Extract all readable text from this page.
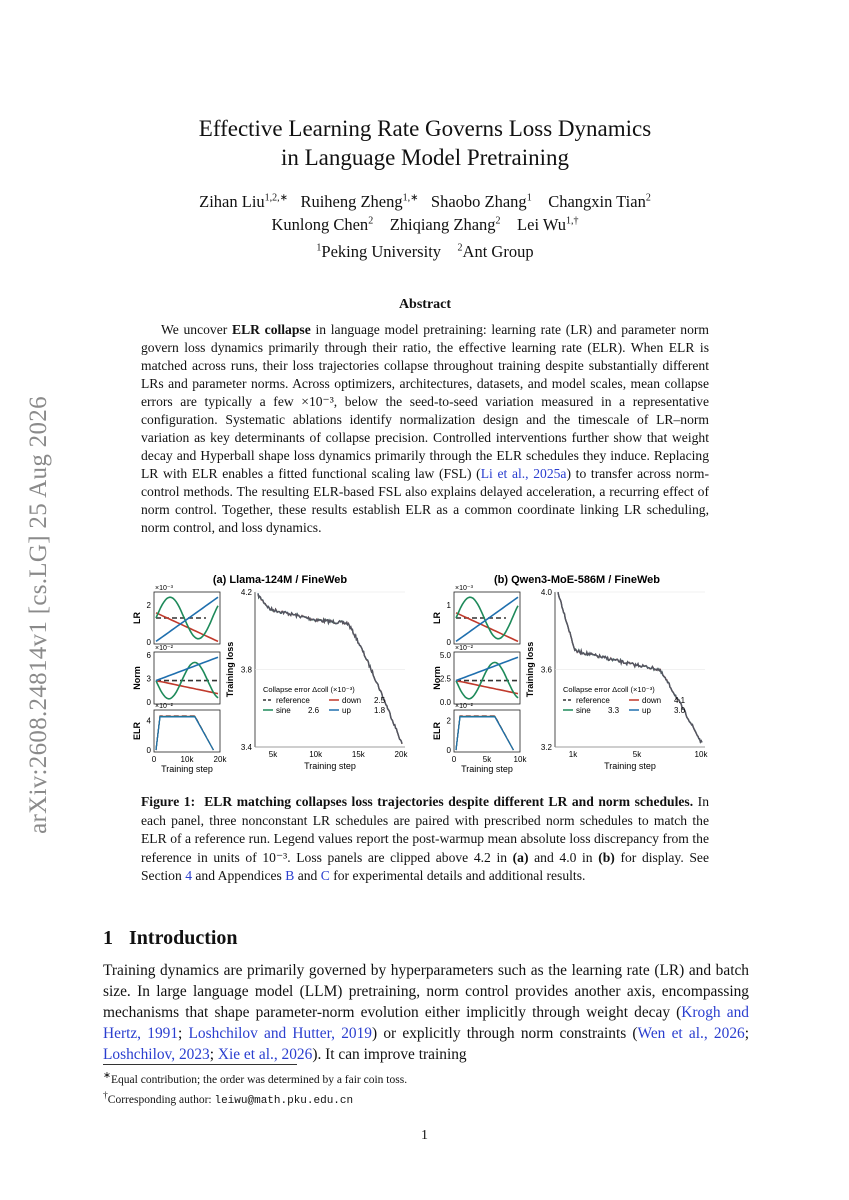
arXiv:2608.24814v1 [cs.LG] 25 Aug 2026
Effective Learning Rate Governs Loss Dynamics
in Language Model Pretraining
Zihan Liu$^{1,2,∗}$ Ruiheng Zheng$^{1,∗}$ Shaobo Zhang$^1$ Changxin Tian$^2$
Kunlong Chen$^2$ Zhiqiang Zhang$^2$ Lei $Wu^{1,\dagger}$
$^1$Peking University $^2$Ant Group
Abstract

We uncover ELR collapse in language model pretraining: learning rate (LR) and parameter norm govern loss dynamics primarily through their ratio, the effective learning rate (ELR). When ELR is matched across runs, their loss trajectories collapse throughout training despite substantially different LRs and parameter norms. Across optimizers, architectures, datasets, and model scales, mean collapse errors are typically a few ×10⁻³, below the seed-to-seed variation measured in a representative configuration. Systematic ablations identify normalization design and the timescale of LR–norm variation as key determinants of collapse precision. Controlled interventions further show that weight decay and Hyperball shape loss dynamics primarily through the ELR schedules they induce. Replacing LR with ELR enables a fitted functional scaling law (FSL) (Li et al., 2025a) to transfer across norm-control methods. The resulting ELR-based FSL also explains delayed acceleration, a recurring effect of norm control. Together, these results establish ELR as a common coordinate linking LR scheduling, norm control, and loss dynamics.

(a) Llama-124M / FineWeb	(b) Qwen3-MoE-586M / FineWeb
LR
×10⁻³
2
0
Norm
×10⁻²
6
3
0
ELR
×10⁻²
4
0
0	10k	20k
Training step
4.2
3.8
3.4
5k	10k	15k	20k
Training loss
Training step
Collapse error Δcoll (×10⁻³)
reference	down 2.5
sine 2.6	up	1.8
LR
×10⁻³
1
0
Norm
×10⁻²
5.0
2.5
0.0
ELR
×10⁻²
2
0
0	5k	10k
Training step
4.0
3.6
3.2
1k	5k	10k
Training loss
Training step
Collapse error Δcoll (×10⁻³)
reference	down 4.1
sine 3.3	up	3.0
Figure 1: ELR matching collapses loss trajectories despite different LR and norm schedules. In each panel, three nonconstant LR schedules are paired with prescribed norm schedules to match the ELR of a reference run. Legend values report the post-warmup mean absolute loss discrepancy from the reference in units of 10⁻³. Loss panels are clipped above 4.2 in (a) and 4.0 in (b) for display. See Section 4 and Appendices B and C for experimental details and additional results.
1 Introduction
Training dynamics are primarily governed by hyperparameters such as the learning rate (LR) and batch size. In large language model (LLM) pretraining, norm control provides another axis, encompassing mechanisms that shape parameter-norm evolution either implicitly through weight decay (Krogh and Hertz, 1991; Loshchilov and Hutter, 2019) or explicitly through norm constraints (Wen et al., 2026; Loshchilov, 2023; Xie et al., 2026). It can improve training
∗Equal contribution; the order was determined by a fair coin toss.
†Corresponding author: leiwu@math.pku.edu.cn
1
